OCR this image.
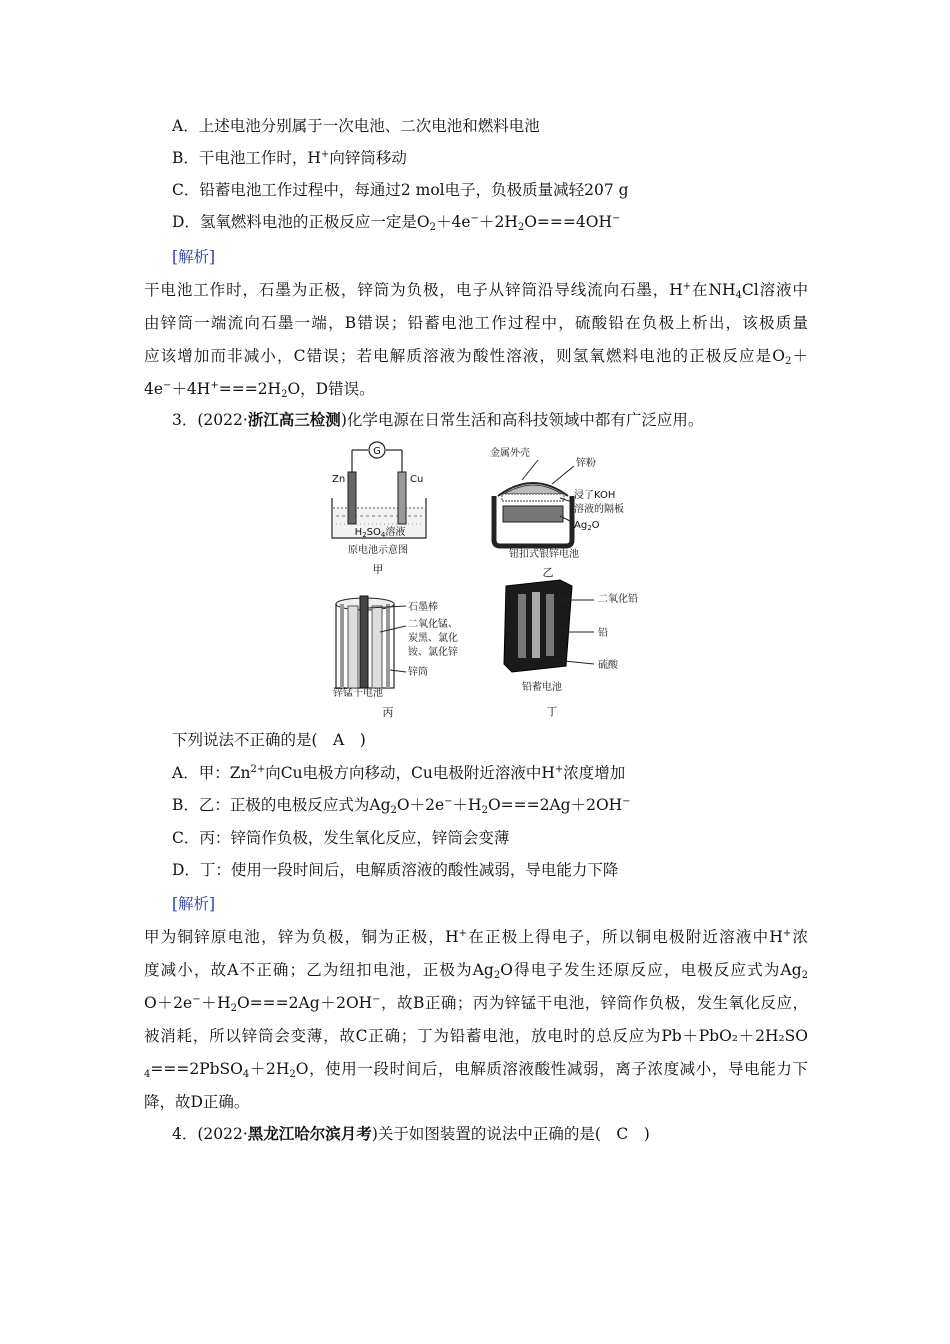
A．上述电池分别属于一次电池、二次电池和燃料电池
B．干电池工作时，H+向锌筒移动
C．铅蓄电池工作过程中，每通过2 mol电子，负极质量减轻207 g
D．氢氧燃料电池的正极反应一定是$O_2+4e^-+2H_2O===4OH^-$
[解析]
干电池工作时，石墨为正极，锌筒为负极，电子从锌筒沿导线流向石墨，H+在$NH_4Cl$溶液中
由锌筒一端流向石墨一端，B错误；铅蓄电池工作过程中，硫酸铅在负极上析出，该极质量
应该增加而非减小，C错误；若电解质溶液为酸性溶液，则氢氧燃料电池的正极反应是$O_2+$
$4e^-+4H^+===2H_2O$，D错误。
3．(2022·浙江高三检测)化学电源在日常生活和高科技领域中都有广泛应用。
G
Zn	Cu
$H_2SO_4$溶液
原电池示意图
甲
金属外壳
锌粉
浸了KOH
溶液的隔板
$Ag_2O$
钮扣式银锌电池
乙
石墨棒
二氧化锰、
炭黑、氯化
铵、氯化锌
锌筒
锌锰干电池
丙
二氧化铅
铅
硫酸
铅蓄电池
丁
下列说法不正确的是(　A　)
A．甲：$Zn^{2+}$向Cu电极方向移动，Cu电极附近溶液中H+浓度增加
B．乙：正极的电极反应式为$Ag_2O+2e^-+H_2O===2Ag+2OH^-$
C．丙：锌筒作负极，发生氧化反应，锌筒会变薄
D．丁：使用一段时间后，电解质溶液的酸性减弱，导电能力下降
[解析]
甲为铜锌原电池，锌为负极，铜为正极，H+在正极上得电子，所以铜电极附近溶液中H+浓
度减小，故A不正确；乙为纽扣电池，正极为$Ag_2O$得电子发生还原反应，电极反应式为$Ag_2$
$O+2e^-+H_2O===2Ag+2OH^-$，故B正确；丙为锌锰干电池，锌筒作负极，发生氧化反应，
被消耗，所以锌筒会变薄，故C正确；丁为铅蓄电池，放电时的总反应为Pb＋PbO₂＋2H₂SO
$_4===2PbSO_4+2H_2O$，使用一段时间后，电解质溶液酸性减弱，离子浓度减小，导电能力下
降，故D正确。
4．(2022·黑龙江哈尔滨月考)关于如图装置的说法中正确的是(　C　)
